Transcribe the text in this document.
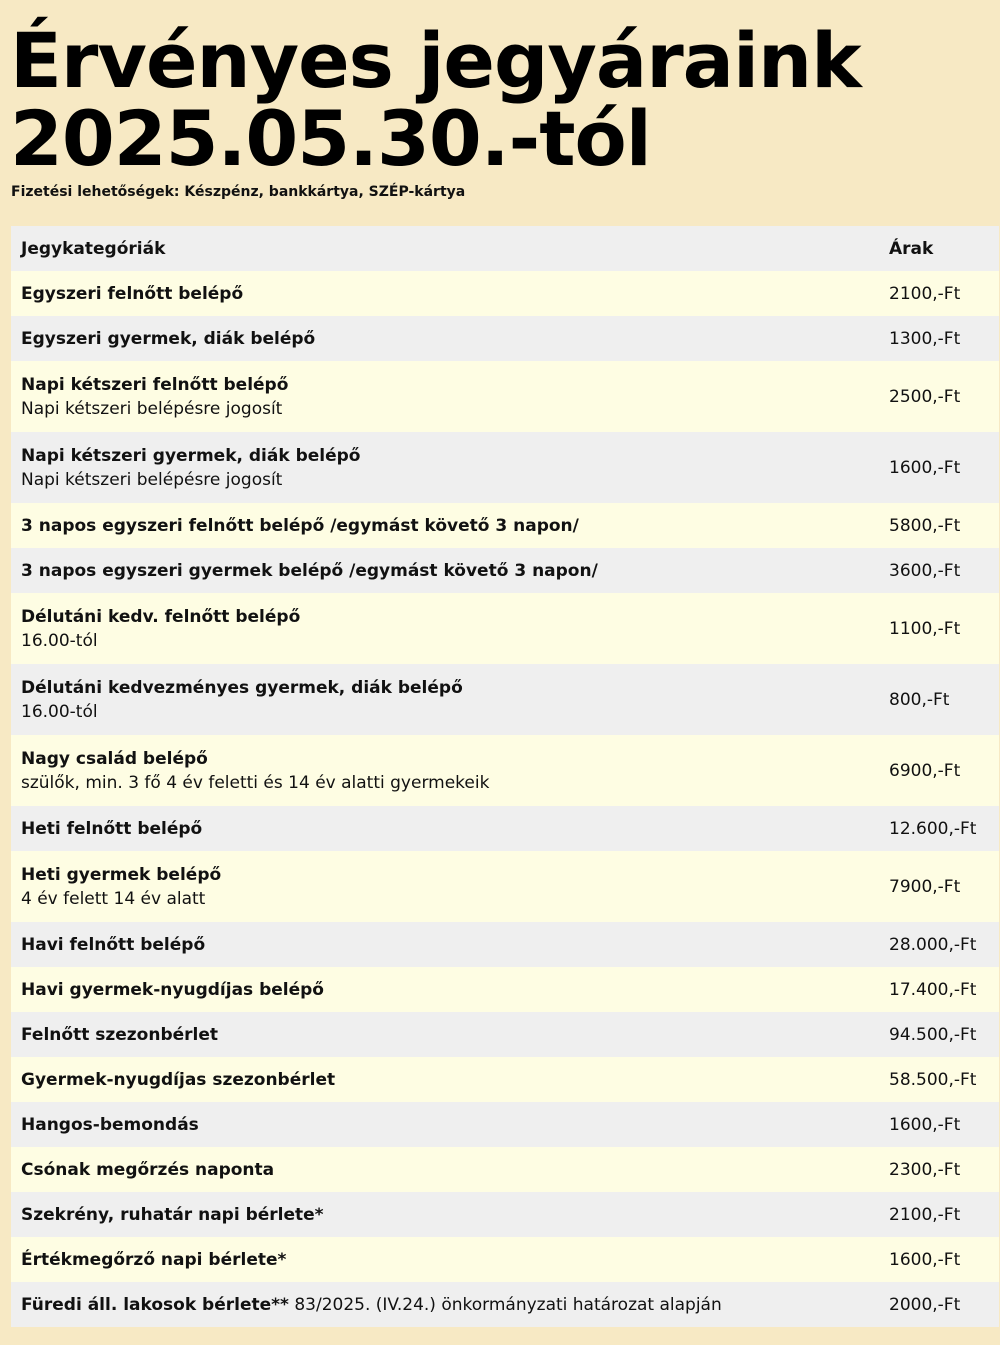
Érvényes jegyáraink
2025.05.30.-tól
Fizetési lehetőségek: Készpénz, bankkártya, SZÉP-kártya
Jegykategóriák	Árak

Egyszeri felnőtt belépő	2100,-Ft

Egyszeri gyermek, diák belépő	1300,-Ft

Napi kétszeri felnőtt belépő
Napi kétszeri belépésre jogosít	2500,-Ft

Napi kétszeri gyermek, diák belépő
Napi kétszeri belépésre jogosít	1600,-Ft

3 napos egyszeri felnőtt belépő /egymást követő 3 napon/	5800,-Ft

3 napos egyszeri gyermek belépő /egymást követő 3 napon/	3600,-Ft

Délutáni kedv. felnőtt belépő
16.00-tól	1100,-Ft

Délutáni kedvezményes gyermek, diák belépő
16.00-tól	800,-Ft

Nagy család belépő
szülők, min. 3 fő 4 év feletti és 14 év alatti gyermekeik	6900,-Ft

Heti felnőtt belépő	12.600,-Ft

Heti gyermek belépő
4 év felett 14 év alatt	7900,-Ft

Havi felnőtt belépő	28.000,-Ft

Havi gyermek-nyugdíjas belépő	17.400,-Ft

Felnőtt szezonbérlet	94.500,-Ft

Gyermek-nyugdíjas szezonbérlet	58.500,-Ft

Hangos-bemondás	1600,-Ft

Csónak megőrzés naponta	2300,-Ft

Szekrény, ruhatár napi bérlete*	2100,-Ft

Értékmegőrző napi bérlete*	1600,-Ft
Füredi áll. lakosok bérlete** 83/2025. (IV.24.) önkormányzati határozat alapján	2000,-Ft
